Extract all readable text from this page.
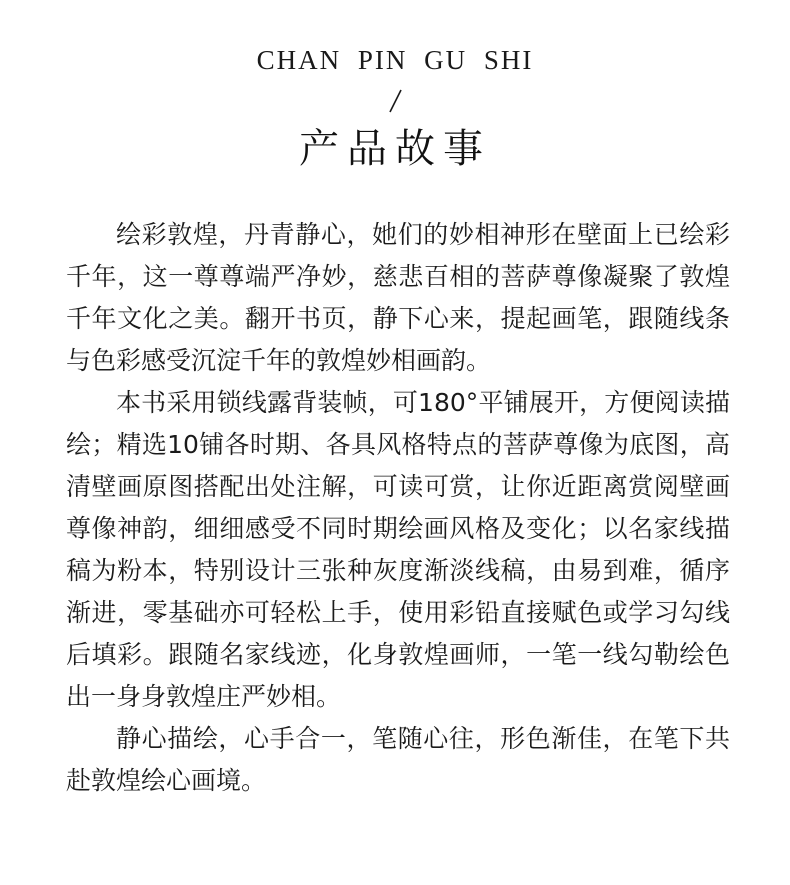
CHAN PIN GU SHI
产品故事

绘彩敦煌，丹青静心，她们的妙相神形在壁面上已绘彩千年，这一尊尊端严净妙，慈悲百相的菩萨尊像凝聚了敦煌千年文化之美。翻开书页，静下心来，提起画笔，跟随线条与色彩感受沉淀千年的敦煌妙相画韵。

本书采用锁线露背装帧，可180°平铺展开，方便阅读描绘；精选10铺各时期、各具风格特点的菩萨尊像为底图，高清壁画原图搭配出处注解，可读可赏，让你近距离赏阅壁画尊像神韵，细细感受不同时期绘画风格及变化；以名家线描稿为粉本，特别设计三张种灰度渐淡线稿，由易到难，循序渐进，零基础亦可轻松上手，使用彩铅直接赋色或学习勾线后填彩。跟随名家线迹，化身敦煌画师，一笔一线勾勒绘色出一身身敦煌庄严妙相。

静心描绘，心手合一，笔随心往，形色渐佳，在笔下共赴敦煌绘心画境。
